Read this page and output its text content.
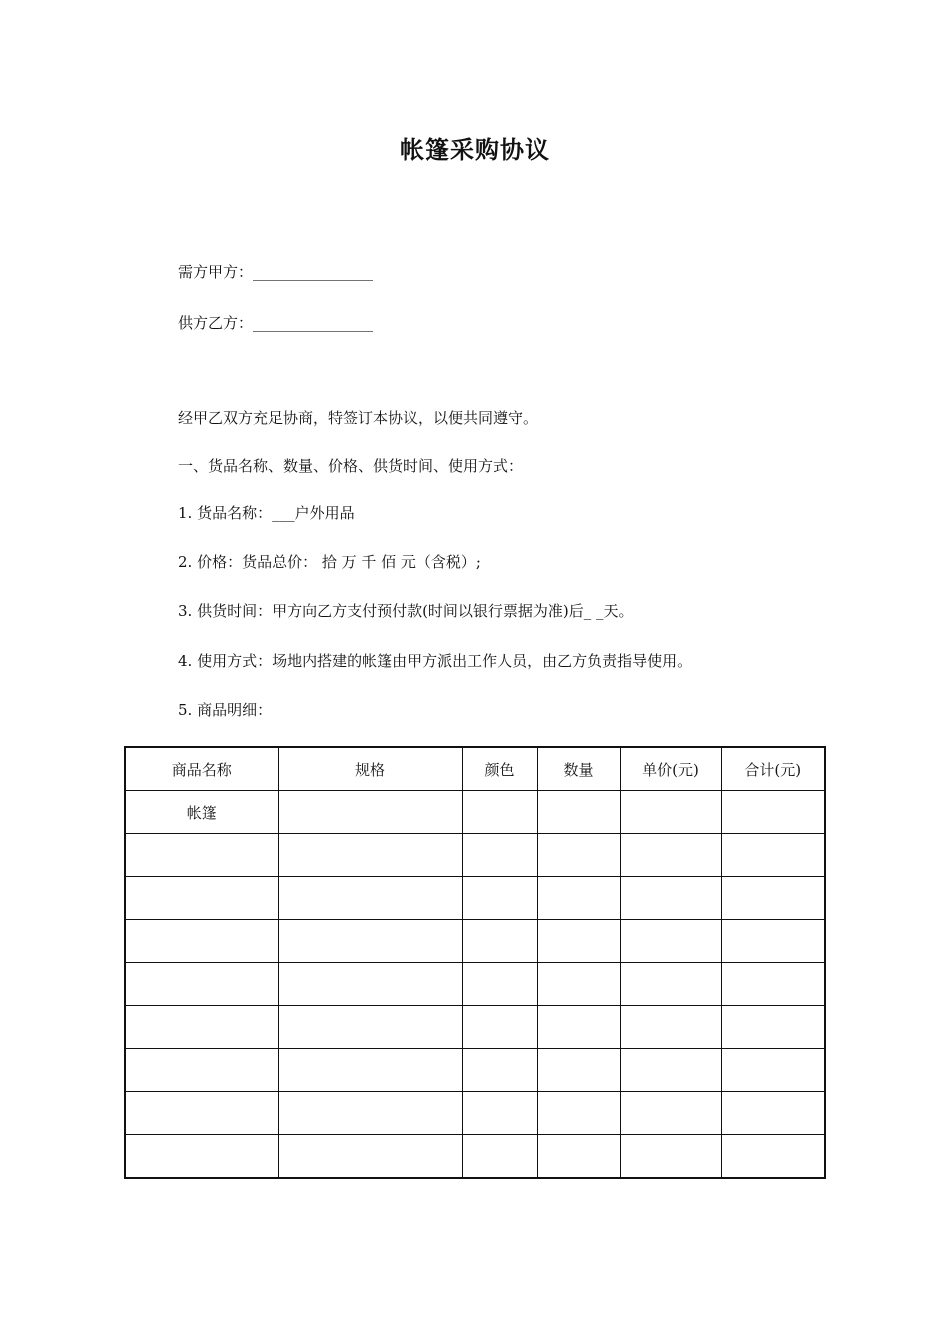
帐篷采购协议
需方甲方：________________
供方乙方：________________
经甲乙双方充足协商，特签订本协议，以便共同遵守。
一、货品名称、数量、价格、供货时间、使用方式：
1. 货品名称：___户外用品
2. 价格：货品总价： 拾 万 千 佰 元（含税）;
3. 供货时间：甲方向乙方支付预付款(时间以银行票据为准)后_ _天。
4. 使用方式：场地内搭建的帐篷由甲方派出工作人员，由乙方负责指导使用。
5. 商品明细：
商品名称	规格	颜色	数量	单价(元)	合计(元)
帐篷					
